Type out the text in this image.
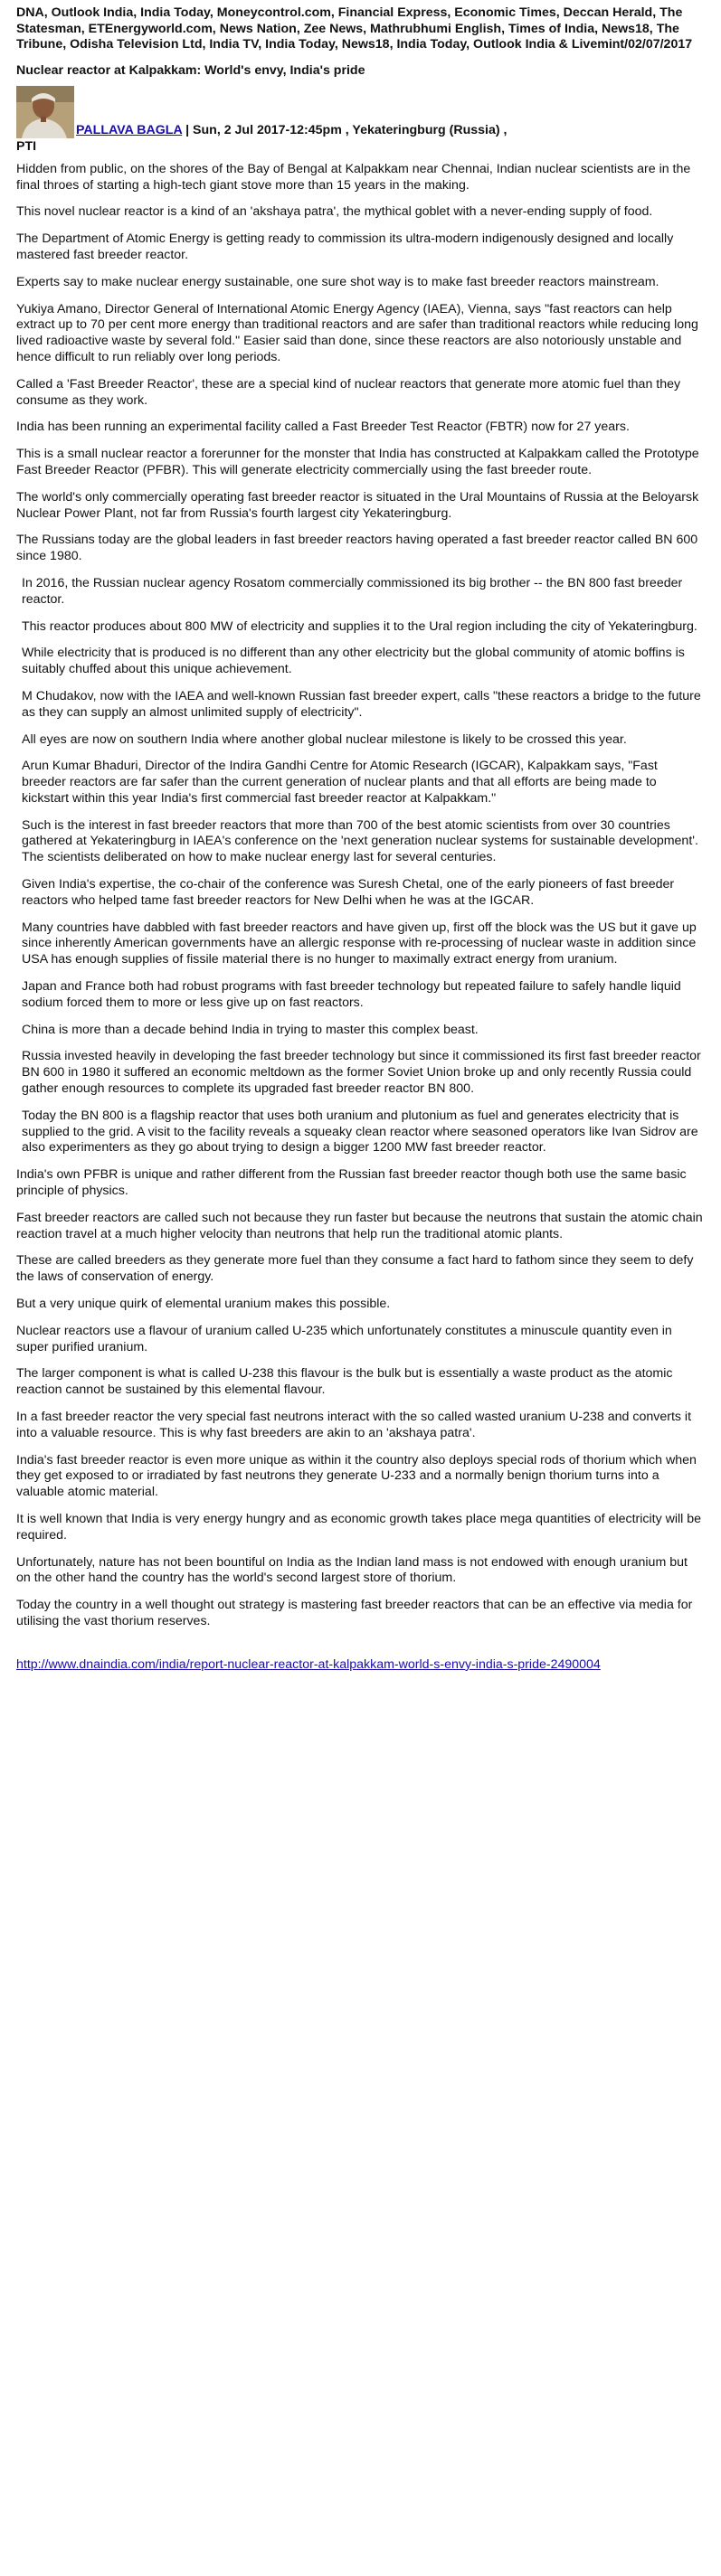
DNA, Outlook India, India Today, Moneycontrol.com, Financial Express, Economic Times, Deccan Herald, The Statesman, ETEnergyworld.com, News Nation, Zee News, Mathrubhumi English, Times of India, News18, The Tribune, Odisha Television Ltd, India TV, India Today, News18, India Today, Outlook India & Livemint/02/07/2017

Nuclear reactor at Kalpakkam: World's envy, India's pride

PALLAVA BAGLA | Sun, 2 Jul 2017-12:45pm , Yekateringburg (Russia) ,

PTI

Hidden from public, on the shores of the Bay of Bengal at Kalpakkam near Chennai, Indian nuclear scientists are in the final throes of starting a high-tech giant stove more than 15 years in the making.

This novel nuclear reactor is a kind of an 'akshaya patra', the mythical goblet with a never-ending supply of food.

The Department of Atomic Energy is getting ready to commission its ultra-modern indigenously designed and locally mastered fast breeder reactor.

Experts say to make nuclear energy sustainable, one sure shot way is to make fast breeder reactors mainstream.

Yukiya Amano, Director General of International Atomic Energy Agency (IAEA), Vienna, says "fast reactors can help extract up to 70 per cent more energy than traditional reactors and are safer than traditional reactors while reducing long lived radioactive waste by several fold." Easier said than done, since these reactors are also notoriously unstable and hence difficult to run reliably over long periods.

Called a 'Fast Breeder Reactor', these are a special kind of nuclear reactors that generate more atomic fuel than they consume as they work.

India has been running an experimental facility called a Fast Breeder Test Reactor (FBTR) now for 27 years.

This is a small nuclear reactor a forerunner for the monster that India has constructed at Kalpakkam called the Prototype Fast Breeder Reactor (PFBR). This will generate electricity commercially using the fast breeder route.

The world's only commercially operating fast breeder reactor is situated in the Ural Mountains of Russia at the Beloyarsk Nuclear Power Plant, not far from Russia's fourth largest city Yekateringburg.

The Russians today are the global leaders in fast breeder reactors having operated a fast breeder reactor called BN 600 since 1980.

In 2016, the Russian nuclear agency Rosatom commercially commissioned its big brother -- the BN 800 fast breeder reactor.

This reactor produces about 800 MW of electricity and supplies it to the Ural region including the city of Yekateringburg.

While electricity that is produced is no different than any other electricity but the global community of atomic boffins is suitably chuffed about this unique achievement.

M Chudakov, now with the IAEA and well-known Russian fast breeder expert, calls "these reactors a bridge to the future as they can supply an almost unlimited supply of electricity".

All eyes are now on southern India where another global nuclear milestone is likely to be crossed this year.

Arun Kumar Bhaduri, Director of the Indira Gandhi Centre for Atomic Research (IGCAR), Kalpakkam says, "Fast breeder reactors are far safer than the current generation of nuclear plants and that all efforts are being made to kickstart within this year India's first commercial fast breeder reactor at Kalpakkam."

Such is the interest in fast breeder reactors that more than 700 of the best atomic scientists from over 30 countries gathered at Yekateringburg in IAEA's conference on the 'next generation nuclear systems for sustainable development'. The scientists deliberated on how to make nuclear energy last for several centuries.

Given India's expertise, the co-chair of the conference was Suresh Chetal, one of the early pioneers of fast breeder reactors who helped tame fast breeder reactors for New Delhi when he was at the IGCAR.

Many countries have dabbled with fast breeder reactors and have given up, first off the block was the US but it gave up since inherently American governments have an allergic response with re-processing of nuclear waste in addition since USA has enough supplies of fissile material there is no hunger to maximally extract energy from uranium.

Japan and France both had robust programs with fast breeder technology but repeated failure to safely handle liquid sodium forced them to more or less give up on fast reactors.

China is more than a decade behind India in trying to master this complex beast.

Russia invested heavily in developing the fast breeder technology but since it commissioned its first fast breeder reactor BN 600 in 1980 it suffered an economic meltdown as the former Soviet Union broke up and only recently Russia could gather enough resources to complete its upgraded fast breeder reactor BN 800.

Today the BN 800 is a flagship reactor that uses both uranium and plutonium as fuel and generates electricity that is supplied to the grid. A visit to the facility reveals a squeaky clean reactor where seasoned operators like Ivan Sidrov are also experimenters as they go about trying to design a bigger 1200 MW fast breeder reactor.

India's own PFBR is unique and rather different from the Russian fast breeder reactor though both use the same basic principle of physics.

Fast breeder reactors are called such not because they run faster but because the neutrons that sustain the atomic chain reaction travel at a much higher velocity than neutrons that help run the traditional atomic plants.

These are called breeders as they generate more fuel than they consume a fact hard to fathom since they seem to defy the laws of conservation of energy.

But a very unique quirk of elemental uranium makes this possible.

Nuclear reactors use a flavour of uranium called U-235 which unfortunately constitutes a minuscule quantity even in super purified uranium.

The larger component is what is called U-238 this flavour is the bulk but is essentially a waste product as the atomic reaction cannot be sustained by this elemental flavour.

In a fast breeder reactor the very special fast neutrons interact with the so called wasted uranium U-238 and converts it into a valuable resource. This is why fast breeders are akin to an 'akshaya patra'.

India's fast breeder reactor is even more unique as within it the country also deploys special rods of thorium which when they get exposed to or irradiated by fast neutrons they generate U-233 and a normally benign thorium turns into a valuable atomic material.

It is well known that India is very energy hungry and as economic growth takes place mega quantities of electricity will be required.

Unfortunately, nature has not been bountiful on India as the Indian land mass is not endowed with enough uranium but on the other hand the country has the world's second largest store of thorium.

Today the country in a well thought out strategy is mastering fast breeder reactors that can be an effective via media for utilising the vast thorium reserves.

http://www.dnaindia.com/india/report-nuclear-reactor-at-kalpakkam-world-s-envy-india-s-pride-2490004
